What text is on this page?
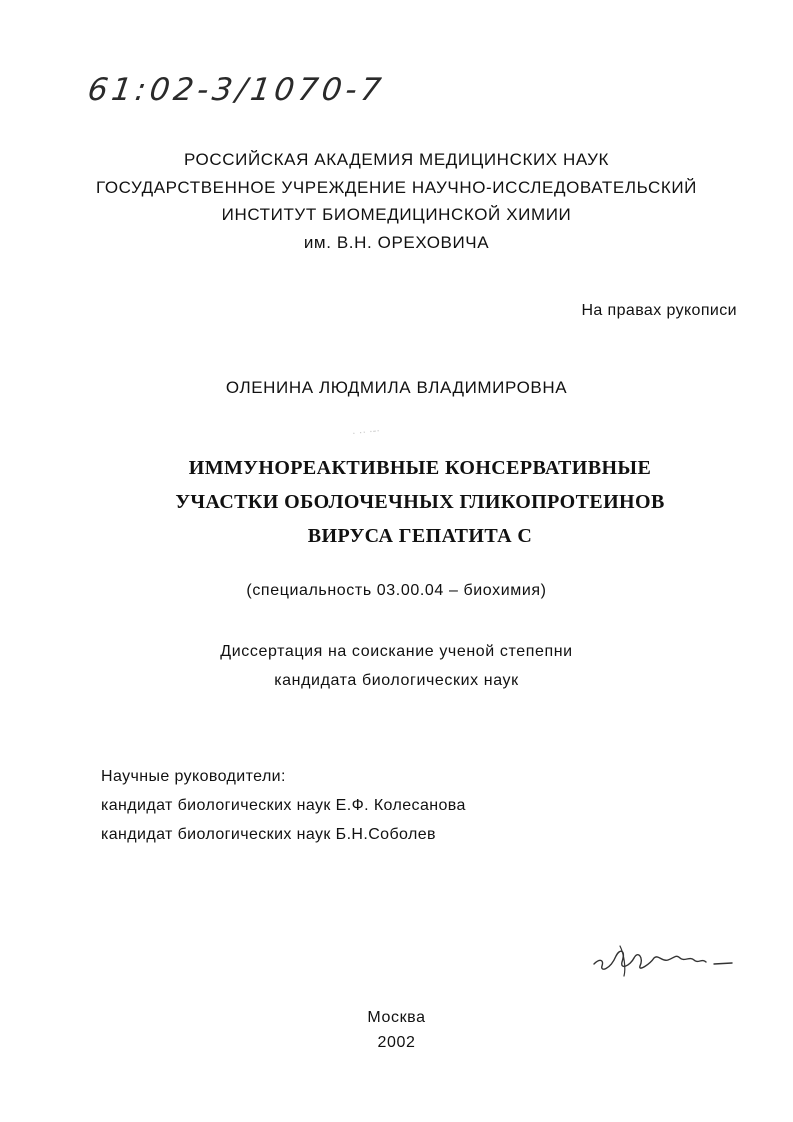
61:02-3/1070-7
РОССИЙСКАЯ АКАДЕМИЯ МЕДИЦИНСКИХ НАУК
ГОСУДАРСТВЕННОЕ УЧРЕЖДЕНИЕ НАУЧНО-ИССЛЕДОВАТЕЛЬСКИЙ
ИНСТИТУТ БИОМЕДИЦИНСКОЙ ХИМИИ
им. В.Н. ОРЕХОВИЧА
На правах рукописи
ОЛЕНИНА ЛЮДМИЛА ВЛАДИМИРОВНА
· ·· ·-·
ИММУНОРЕАКТИВНЫЕ КОНСЕРВАТИВНЫЕ
УЧАСТКИ ОБОЛОЧЕЧНЫХ ГЛИКОПРОТЕИНОВ
ВИРУСА ГЕПАТИТА С
(специальность 03.00.04 – биохимия)
Диссертация на соискание ученой степепни
кандидата биологических наук
Научные руководители:
кандидат биологических наук Е.Ф. Колесанова
кандидат биологических наук Б.Н.Соболев
Москва
2002
